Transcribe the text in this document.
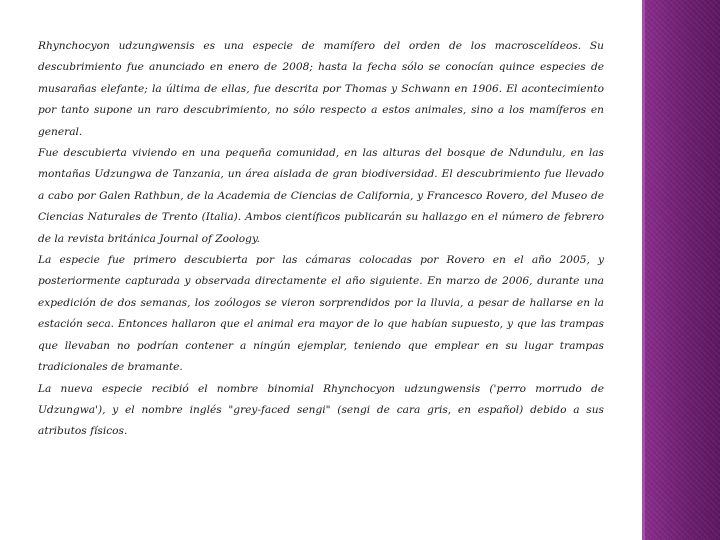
Rhynchocyon udzungwensis es una especie de mamífero del orden de los macroscelídeos. Su descubrimiento fue anunciado en enero de 2008; hasta la fecha sólo se conocían quince especies de musarañas elefante; la última de ellas, fue descrita por Thomas y Schwann en 1906. El acontecimiento por tanto supone un raro descubrimiento, no sólo respecto a estos animales, sino a los mamíferos en general.

Fue descubierta viviendo en una pequeña comunidad, en las alturas del bosque de Ndundulu, en las montañas Udzungwa de Tanzania, un área aislada de gran biodiversidad. El descubrimiento fue llevado a cabo por Galen Rathbun, de la Academia de Ciencias de California, y Francesco Rovero, del Museo de Ciencias Naturales de Trento (Italia). Ambos científicos publicarán su hallazgo en el número de febrero de la revista británica Journal of Zoology.

La especie fue primero descubierta por las cámaras colocadas por Rovero en el año 2005, y posteriormente capturada y observada directamente el año siguiente. En marzo de 2006, durante una expedición de dos semanas, los zoólogos se vieron sorprendidos por la lluvia, a pesar de hallarse en la estación seca. Entonces hallaron que el animal era mayor de lo que habían supuesto, y que las trampas que llevaban no podrían contener a ningún ejemplar, teniendo que emplear en su lugar trampas tradicionales de bramante.

La nueva especie recibió el nombre binomial Rhynchocyon udzungwensis ('perro morrudo de Udzungwa'), y el nombre inglés "grey-faced sengi" (sengi de cara gris, en español) debido a sus atributos físicos.
